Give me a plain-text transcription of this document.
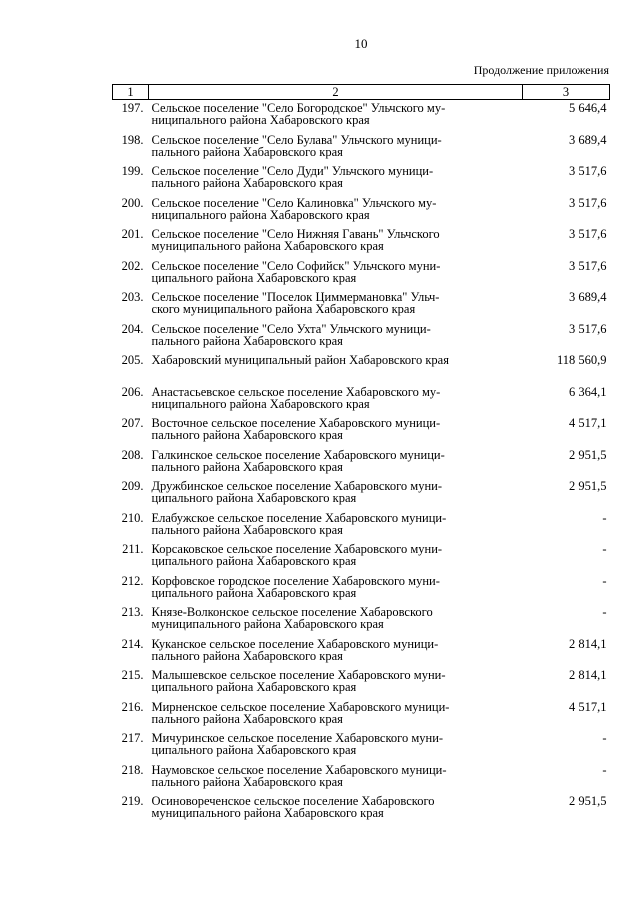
10
Продолжение приложения
1	2	3
197.	Сельское поселение "Село Богородское" Ульчского му-
ниципального района Хабаровского края	5 646,4
198.	Сельское поселение "Село Булава" Ульчского муници-
пального района Хабаровского края	3 689,4
199.	Сельское поселение "Село Дуди" Ульчского муници-
пального района Хабаровского края	3 517,6
200.	Сельское поселение "Село Калиновка" Ульчского му-
ниципального района Хабаровского края	3 517,6
201.	Сельское поселение "Село Нижняя Гавань" Ульчского
муниципального района Хабаровского края	3 517,6
202.	Сельское поселение "Село Софийск" Ульчского муни-
ципального района Хабаровского края	3 517,6
203.	Сельское поселение "Поселок Циммермановка" Ульч-
ского муниципального района Хабаровского края	3 689,4
204.	Сельское поселение "Село Ухта" Ульчского муници-
пального района Хабаровского края	3 517,6
205.	Хабаровский муниципальный район Хабаровского края	118 560,9
206.	Анастасьевское сельское поселение Хабаровского му-
ниципального района Хабаровского края	6 364,1
207.	Восточное сельское поселение Хабаровского муници-
пального района Хабаровского края	4 517,1
208.	Галкинское сельское поселение Хабаровского муници-
пального района Хабаровского края	2 951,5
209.	Дружбинское сельское поселение Хабаровского муни-
ципального района Хабаровского края	2 951,5
210.	Елабужское сельское поселение Хабаровского муници-
пального района Хабаровского края	-
211.	Корсаковское сельское поселение Хабаровского муни-
ципального района Хабаровского края	-
212.	Корфовское городское поселение Хабаровского муни-
ципального района Хабаровского края	-
213.	Князе-Волконское сельское поселение Хабаровского
муниципального района Хабаровского края	-
214.	Куканское сельское поселение Хабаровского муници-
пального района Хабаровского края	2 814,1
215.	Малышевское сельское поселение Хабаровского муни-
ципального района Хабаровского края	2 814,1
216.	Мирненское сельское поселение Хабаровского муници-
пального района Хабаровского края	4 517,1
217.	Мичуринское сельское поселение Хабаровского муни-
ципального района Хабаровского края	-
218.	Наумовское сельское поселение Хабаровского муници-
пального района Хабаровского края	-
219.	Осиновореченское сельское поселение Хабаровского
муниципального района Хабаровского края	2 951,5
